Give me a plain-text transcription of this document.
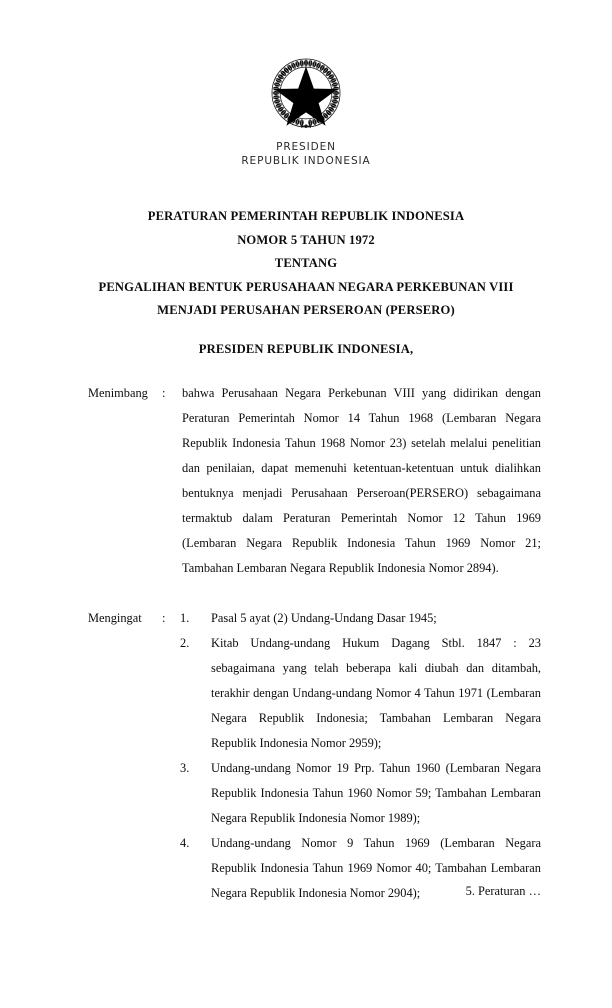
PRESIDEN
REPUBLIK INDONESIA
PERATURAN PEMERINTAH REPUBLIK INDONESIA
NOMOR 5 TAHUN 1972
TENTANG
PENGALIHAN BENTUK PERUSAHAAN NEGARA PERKEBUNAN VIII
MENJADI PERUSAHAN PERSEROAN (PERSERO)
PRESIDEN REPUBLIK INDONESIA,
Menimbang	:	bahwa Perusahaan Negara Perkebunan VIII yang didirikan dengan Peraturan Pemerintah Nomor 14 Tahun 1968 (Lembaran Negara Republik Indonesia Tahun 1968 Nomor 23) setelah melalui penelitian dan penilaian, dapat memenuhi ketentuan-ketentuan untuk dialihkan bentuknya menjadi Perusahaan Perseroan(PERSERO) sebagaimana termaktub dalam Peraturan Pemerintah Nomor 12 Tahun 1969 (Lembaran Negara Republik Indonesia Tahun 1969 Nomor 21; Tambahan Lembaran Negara Republik Indonesia Nomor 2894).

Mengingat	:	1. Pasal 5 ayat (2) Undang-Undang Dasar 1945;
2. Kitab Undang-undang Hukum Dagang Stbl. 1847 : 23 sebagaimana yang telah beberapa kali diubah dan ditambah, terakhir dengan Undang-undang Nomor 4 Tahun 1971 (Lembaran Negara Republik Indonesia; Tambahan Lembaran Negara Republik Indonesia Nomor 2959);
3. Undang-undang Nomor 19 Prp. Tahun 1960 (Lembaran Negara Republik Indonesia Tahun 1960 Nomor 59; Tambahan Lembaran Negara Republik Indonesia Nomor 1989);
4. Undang-undang Nomor 9 Tahun 1969 (Lembaran Negara Republik Indonesia Tahun 1969 Nomor 40; Tambahan Lembaran Negara Republik Indonesia Nomor 2904);	5. Peraturan …
